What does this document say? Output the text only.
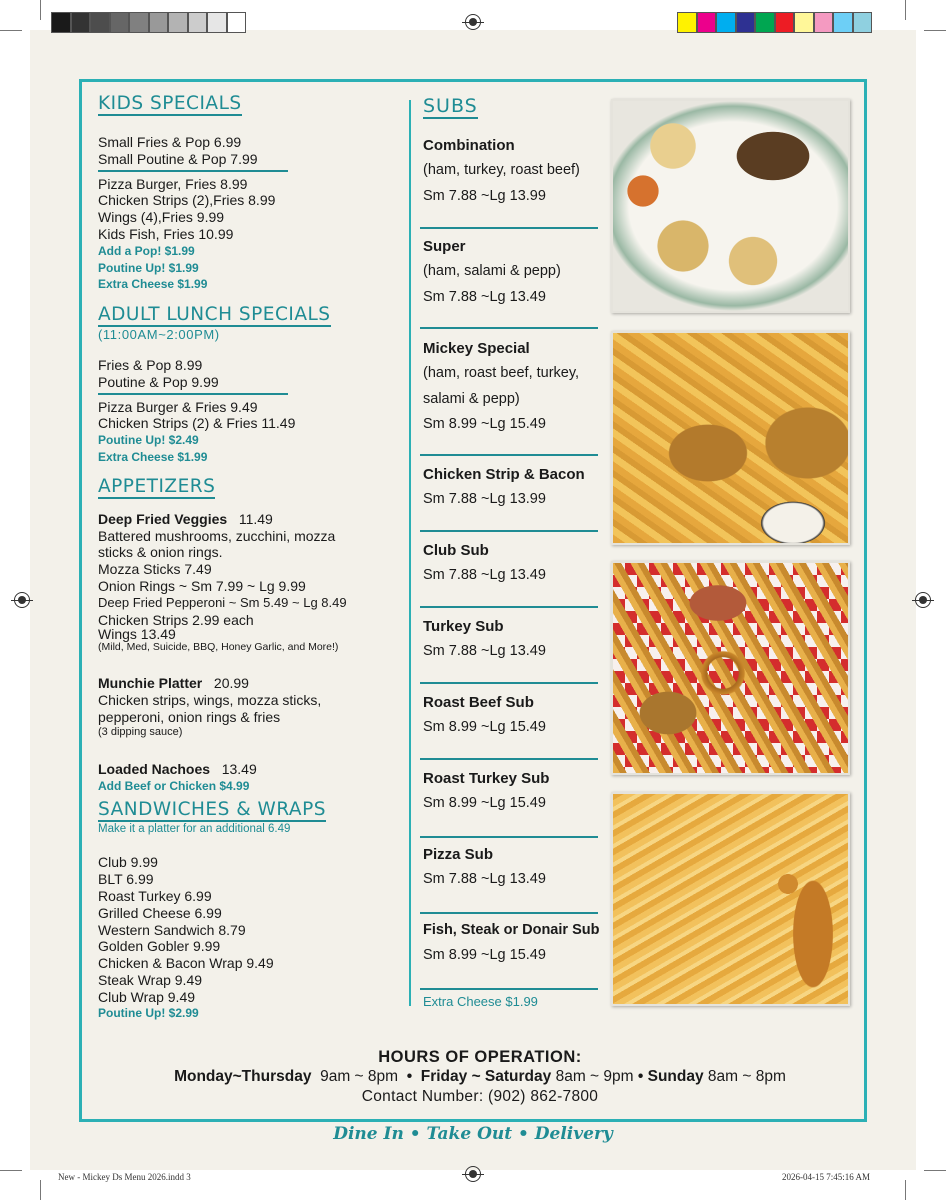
KIDS SPECIALS
Small Fries & Pop 6.99
Small Poutine & Pop 7.99
Pizza Burger, Fries 8.99
Chicken Strips (2),Fries 8.99
Wings (4),Fries 9.99
Kids Fish, Fries 10.99
Add a Pop! $1.99
Poutine Up! $1.99
Extra Cheese $1.99
ADULT LUNCH SPECIALS
(11:00AM~2:00PM)
Fries & Pop 8.99
Poutine & Pop 9.99
Pizza Burger & Fries 9.49
Chicken Strips (2) & Fries 11.49
Poutine Up! $2.49
Extra Cheese $1.99
APPETIZERS
Deep Fried Veggies 11.49
Battered mushrooms, zucchini, mozza sticks & onion rings.
Mozza Sticks 7.49
Onion Rings ~ Sm 7.99 ~ Lg 9.99
Deep Fried Pepperoni ~ Sm 5.49 ~ Lg 8.49
Chicken Strips 2.99 each
Wings 13.49
(Mild, Med, Suicide, BBQ, Honey Garlic, and More!)
Munchie Platter 20.99
Chicken strips, wings, mozza sticks, pepperoni, onion rings & fries
(3 dipping sauce)
Loaded Nachoes 13.49
Add Beef or Chicken $4.99
SANDWICHES & WRAPS
Make it a platter for an additional 6.49
Club 9.99
BLT 6.99
Roast Turkey 6.99
Grilled Cheese 6.99
Western Sandwich 8.79
Golden Gobler 9.99
Chicken & Bacon Wrap 9.49
Steak Wrap 9.49
Club Wrap 9.49
Poutine Up! $2.99
SUBS
Combination
(ham, turkey, roast beef)
Sm 7.88 ~Lg 13.99
Super
(ham, salami & pepp)
Sm 7.88 ~Lg 13.49
Mickey Special
(ham, roast beef, turkey,
salami & pepp)
Sm 8.99 ~Lg 15.49
Chicken Strip & Bacon
Sm 7.88 ~Lg 13.99
Club Sub
Sm 7.88 ~Lg 13.49
Turkey Sub
Sm 7.88 ~Lg 13.49
Roast Beef Sub
Sm 8.99 ~Lg 15.49
Roast Turkey Sub
Sm 8.99 ~Lg 15.49
Pizza Sub
Sm 7.88 ~Lg 13.49
Fish, Steak or Donair Sub
Sm 8.99 ~Lg 15.49
Extra Cheese $1.99
HOURS OF OPERATION:
Monday~Thursday 9am ~ 8pm • Friday ~ Saturday 8am ~ 9pm • Sunday 8am ~ 8pm
Contact Number: (902) 862-7800
Dine In • Take Out • Delivery
New - Mickey Ds Menu 2026.indd 3	2026-04-15 7:45:16 AM
